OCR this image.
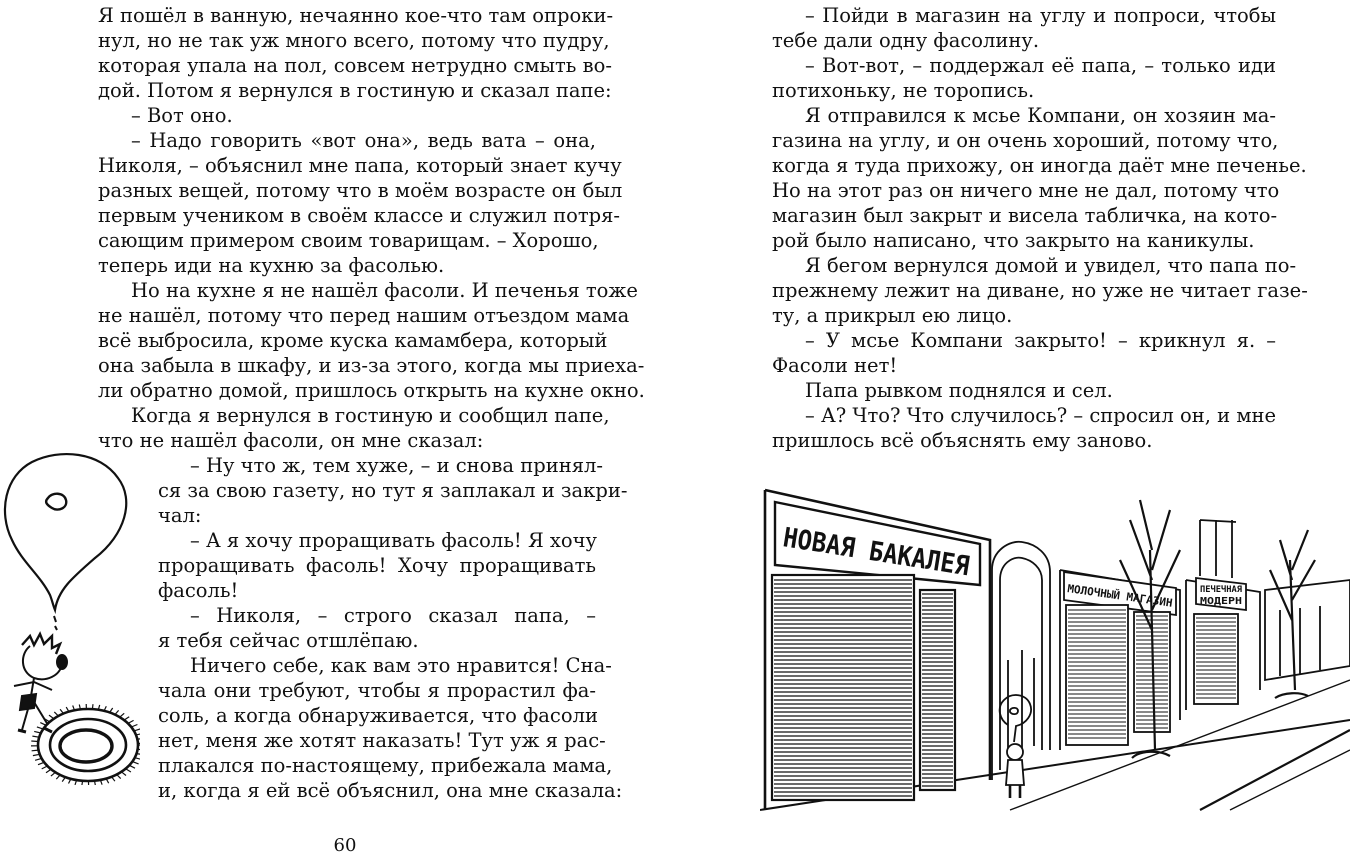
60
Я пошёл в ванную, нечаянно кое-что там опроки-
нул, но не так уж много всего, потому что пудру,
которая упала на пол, совсем нетрудно смыть во-
дой. Потом я вернулся в гостиную и сказал папе:
– Вот оно.
– Надо говорить «вот она», ведь вата – она,
Николя, – объяснил мне папа, который знает кучу
разных вещей, потому что в моём возрасте он был
первым учеником в своём классе и служил потря-
сающим примером своим товарищам. – Хорошо,
теперь иди на кухню за фасолью.
Но на кухне я не нашёл фасоли. И печенья тоже
не нашёл, потому что перед нашим отъездом мама
всё выбросила, кроме куска камамбера, который
она забыла в шкафу, и из-за этого, когда мы приеха-
ли обратно домой, пришлось открыть на кухне окно.
Когда я вернулся в гостиную и сообщил папе,
что не нашёл фасоли, он мне сказал:
– Ну что ж, тем хуже, – и снова принял-
ся за свою газету, но тут я заплакал и закри-
чал:
– А я хочу проращивать фасоль! Я хочу
проращивать фасоль! Хочу проращивать
фасоль!
– Николя, – строго сказал папа, –
я тебя сейчас отшлёпаю.
Ничего себе, как вам это нравится! Сна-
чала они требуют, чтобы я прорастил фа-
соль, а когда обнаруживается, что фасоли
нет, меня же хотят наказать! Тут уж я рас-
плакался по-настоящему, прибежала мама,
и, когда я ей всё объяснил, она мне сказала:
НОВАЯ БАКАЛЕЯ
МОЛОЧНЫЙ МАГАЗИН	ПЕЧЕЧНАЯ
МОДЕРН
– Пойди в магазин на углу и попроси, чтобы
тебе дали одну фасолину.
– Вот-вот, – поддержал её папа, – только иди
потихоньку, не торопись.
Я отправился к мсье Компани, он хозяин ма-
газина на углу, и он очень хороший, потому что,
когда я туда прихожу, он иногда даёт мне печенье.
Но на этот раз он ничего мне не дал, потому что
магазин был закрыт и висела табличка, на кото-
рой было написано, что закрыто на каникулы.
Я бегом вернулся домой и увидел, что папа по-
прежнему лежит на диване, но уже не читает газе-
ту, а прикрыл ею лицо.
– У мсье Компани закрыто! – крикнул я. –
Фасоли нет!
Папа рывком поднялся и сел.
– А? Что? Что случилось? – спросил он, и мне
пришлось всё объяснять ему заново.
